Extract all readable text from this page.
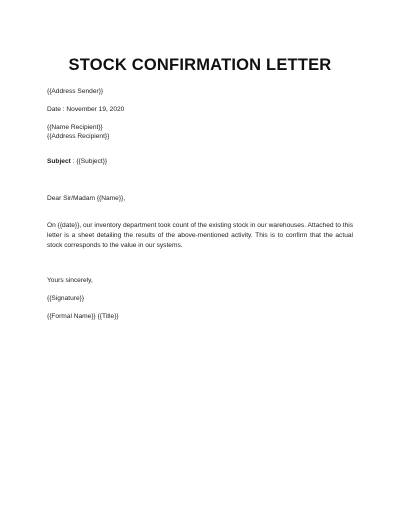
STOCK CONFIRMATION LETTER
{{Address Sender}}
Date : November 19, 2020
{{Name Recipient}}
{{Address Recipient}}
Subject : {{Subject}}
Dear Sir/Madam {{Name}},
On {{date}}, our inventory department took count of the existing stock in our warehouses. Attached to this letter is a sheet detailing the results of the above-mentioned activity. This is to confirm that the actual stock corresponds to the value in our systems.
Yours sincerely,
{{Signature}}
{{Formal Name}} {{Title}}
